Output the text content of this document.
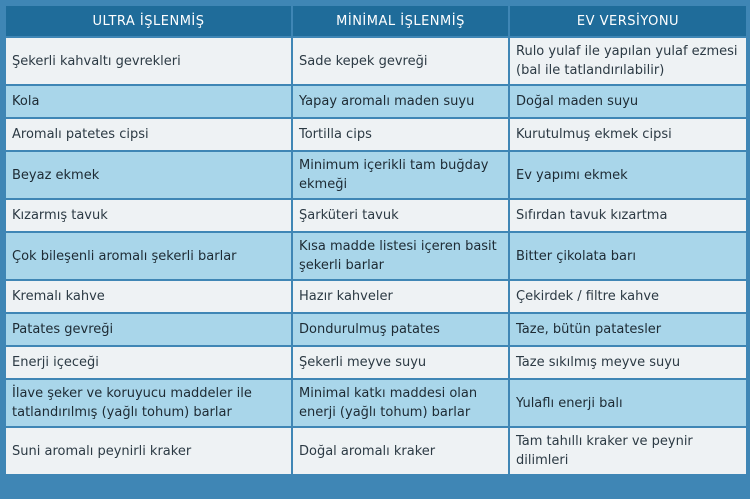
ULTRA İŞLENMİŞ	MİNİMAL İŞLENMİŞ	EV VERSİYONU
Şekerli kahvaltı gevrekleri	Sade kepek gevreği	Rulo yulaf ile yapılan yulaf ezmesi (bal ile tatlandırılabilir)
Kola	Yapay aromalı maden suyu	Doğal maden suyu
Aromalı patetes cipsi	Tortilla cips	Kurutulmuş ekmek cipsi
Beyaz ekmek	Minimum içerikli tam buğday ekmeği	Ev yapımı ekmek
Kızarmış tavuk	Şarküteri tavuk	Sıfırdan tavuk kızartma
Çok bileşenli aromalı şekerli barlar	Kısa madde listesi içeren basit şekerli barlar	Bitter çikolata barı
Kremalı kahve	Hazır kahveler	Çekirdek / filtre kahve
Patates gevreği	Dondurulmuş patates	Taze, bütün patatesler
Enerji içeceği	Şekerli meyve suyu	Taze sıkılmış meyve suyu
İlave şeker ve koruyucu maddeler ile tatlandırılmış (yağlı tohum) barlar	Minimal katkı maddesi olan enerji (yağlı tohum) barlar	Yulaflı enerji balı
Suni aromalı peynirli kraker	Doğal aromalı kraker	Tam tahıllı kraker ve peynir dilimleri
